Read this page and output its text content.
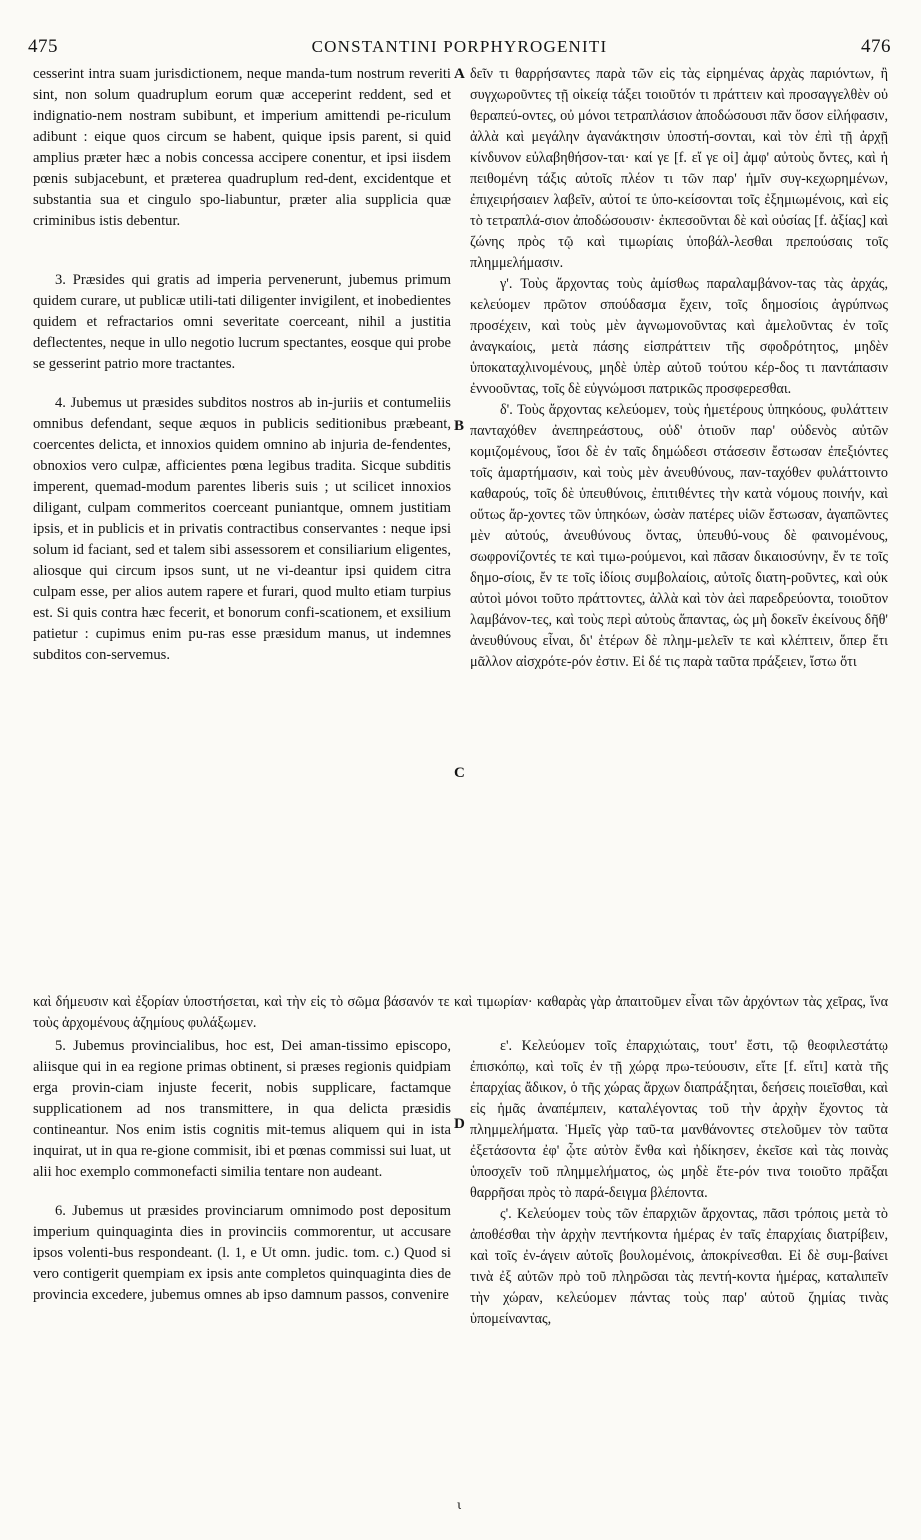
475	CONSTANTINI PORPHYROGENITI	476

cesserint intra suam jurisdictionem, neque manda-tum nostrum reveriti sint, non solum quadruplum eorum quæ acceperint reddent, sed et indignatio-nem nostram subibunt, et imperium amittendi pe-riculum adibunt : eique quos circum se habent, quique ipsis parent, si quid amplius præter hæc a nobis concessa accipere conentur, et ipsi iisdem pœnis subjacebunt, et præterea quadruplum red-dent, excidentque et substantia sua et cingulo spo-liabuntur, præter alia supplicia quæ criminibus istis debentur.

3. Præsides qui gratis ad imperia pervenerunt, jubemus primum quidem curare, ut publicæ utili-tati diligenter invigilent, et inobedientes quidem et refractarios omni severitate coerceant, nihil a justitia deflectentes, neque in ullo negotio lucrum spectantes, eosque qui probe se gesserint patrio more tractantes.

4. Jubemus ut præsides subditos nostros ab in-juriis et contumeliis omnibus defendant, seque æquos in publicis seditionibus præbeant, coercentes delicta, et innoxios quidem omnino ab injuria de-fendentes, obnoxios vero culpæ, afficientes pœna legibus tradita. Sicque subditis imperent, quemad-modum parentes liberis suis ; ut scilicet innoxios diligant, culpam commeritos coerceant puniantque, omnem justitiam ipsis, et in publicis et in privatis contractibus conservantes : neque ipsi solum id faciant, sed et talem sibi assessorem et consiliarium eligentes, aliosque qui circum ipsos sunt, ut ne vi-deantur ipsi quidem citra culpam esse, per alios autem rapere et furari, quod multo etiam turpius est. Si quis contra hæc fecerit, et bonorum confi-scationem, et exsilium patietur : cupimus enim pu-ras esse præsidum manus, ut indemnes subditos con-servemus.

δεῖν τι θαρρήσαντες παρὰ τῶν εἰς τὰς εἰρημένας ἀρχὰς παριόντων, ἢ συγχωροῦντες τῇ οἰκείᾳ τάξει τοιοῦτόν τι πράττειν καὶ προσαγγελθὲν οὐ θεραπεύ-οντες, οὐ μόνοι τετραπλάσιον ἀποδώσουσι πᾶν ὅσον εἰλήφασιν, ἀλλὰ καὶ μεγάλην ἀγανάκτησιν ὑποστή-σονται, καὶ τὸν ἐπὶ τῇ ἀρχῇ κίνδυνον εὐλαβηθήσον-ται· καί γε [f. εἴ γε οἱ] ἀμφ' αὐτοὺς ὄντες, καὶ ἡ πειθομένη τάξις αὐτοῖς πλέον τι τῶν παρ' ἡμῖν συγ-κεχωρημένων, ἐπιχειρήσαιεν λαβεῖν, αὐτοί τε ὑπο-κείσονται τοῖς ἐξημιωμένοις, καὶ εἰς τὸ τετραπλά-σιον ἀποδώσουσιν· ἐκπεσοῦνται δὲ καὶ οὐσίας [f. ἀξίας] καὶ ζώνης πρὸς τῷ καὶ τιμωρίαις ὑποβάλ-λεσθαι πρεπούσαις τοῖς πλημμελήμασιν.

γ'. Τοὺς ἄρχοντας τοὺς ἀμίσθως παραλαμβάνον-τας τὰς ἀρχάς, κελεύομεν πρῶτον σπούδασμα ἔχειν, τοῖς δημοσίοις ἀγρύπνως προσέχειν, καὶ τοὺς μὲν ἀγνωμονοῦντας καὶ ἀμελοῦντας ἐν τοῖς ἀναγκαίοις, μετὰ πάσης εἰσπράττειν τῆς σφοδρότητος, μηδὲν ὑποκαταχλινομένους, μηδὲ ὑπὲρ αὐτοῦ τούτου κέρ-δος τι παντάπασιν ἐννοοῦντας, τοῖς δὲ εὐγνώμοσι πατρικῶς προσφερεσθαι.

δ'. Τοὺς ἄρχοντας κελεύομεν, τοὺς ἡμετέρους ὑπηκόους, φυλάττειν πανταχόθεν ἀνεπηρεάστους, οὐδ' ὁτιοῦν παρ' οὐδενὸς αὐτῶν κομιζομένους, ἴσοι δὲ ἐν ταῖς δημώδεσι στάσεσιν ἔστωσαν ἐπεξιόντες τοῖς ἁμαρτήμασιν, καὶ τοὺς μὲν ἀνευθύνους, παν-ταχόθεν φυλάττοιντο καθαρούς, τοῖς δὲ ὑπευθύνοις, ἐπιτιθέντες τὴν κατὰ νόμους ποινήν, καὶ οὕτως ἄρ-χοντες τῶν ὑπηκόων, ὡσὰν πατέρες υἱῶν ἔστωσαν, ἀγαπῶντες μὲν αὐτούς, ἀνευθύνους ὄντας, ὑπευθύ-νους δὲ φαινομένους, σωφρονίζοντές τε καὶ τιμω-ρούμενοι, καὶ πᾶσαν δικαιοσύνην, ἔν τε τοῖς δημο-σίοις, ἔν τε τοῖς ἰδίοις συμβολαίοις, αὐτοῖς διατη-ροῦντες, καὶ οὐκ αὐτοὶ μόνοι τοῦτο πράττοντες, ἀλλὰ καὶ τὸν ἀεὶ παρεδρεύοντα, τοιοῦτον λαμβάνον-τες, καὶ τοὺς περὶ αὐτοὺς ἅπαντας, ὡς μὴ δοκεῖν ἐκείνους δῆθ' ἀνευθύνους εἶναι, δι' ἑτέρων δὲ πλημ-μελεῖν τε καὶ κλέπτειν, ὅπερ ἔτι μᾶλλον αἰσχρότε-ρόν ἐστιν. Εἰ δέ τις παρὰ ταῦτα πράξειεν, ἴστω ὅτι

καὶ δήμευσιν καὶ ἐξορίαν ὑποστήσεται, καὶ τὴν εἰς τὸ σῶμα βάσανόν τε καὶ τιμωρίαν· καθαρὰς γὰρ ἀπαιτοῦμεν εἶναι τῶν ἀρχόντων τὰς χεῖρας, ἵνα τοὺς ἀρχομένους ἀζημίους φυλάξωμεν.

5. Jubemus provincialibus, hoc est, Dei aman-tissimo episcopo, aliisque qui in ea regione primas obtinent, si præses regionis quidpiam erga provin-ciam injuste fecerit, nobis supplicare, factamque supplicationem ad nos transmittere, in qua delicta præsidis contineantur. Nos enim istis cognitis mit-temus aliquem qui in ista inquirat, ut in qua re-gione commisit, ibi et pœnas commissi sui luat, ut alii hoc exemplo commonefacti similia tentare non audeant.

6. Jubemus ut præsides provinciarum omnimodo post depositum imperium quinquaginta dies in provinciis commorentur, ut accusare ipsos volenti-bus respondeant. (l. 1, e Ut omn. judic. tom. c.) Quod si vero contigerit quempiam ex ipsis ante completos quinquaginta dies de provincia excedere, jubemus omnes ab ipso damnum passos, convenire

ε'. Κελεύομεν τοῖς ἐπαρχιώταις, τουτ' ἔστι, τῷ θεοφιλεστάτῳ ἐπισκόπῳ, καὶ τοῖς ἐν τῇ χώρᾳ πρω-τεύουσιν, εἴτε [f. εἴτι] κατὰ τῆς ἐπαρχίας ἄδικον, ὁ τῆς χώρας ἄρχων διαπράξηται, δεήσεις ποιεῖσθαι, καὶ εἰς ἡμᾶς ἀναπέμπειν, καταλέγοντας τοῦ τὴν ἀρχὴν ἔχοντος τὰ πλημμελήματα. Ἡμεῖς γὰρ ταῦ-τα μανθάνοντες στελοῦμεν τὸν ταῦτα ἐξετάσοντα ἐφ' ᾧτε αὐτὸν ἔνθα καὶ ἠδίκησεν, ἐκεῖσε καὶ τὰς ποινὰς ὑποσχεῖν τοῦ πλημμελήματος, ὡς μηδὲ ἕτε-ρόν τινα τοιοῦτο πρᾶξαι θαρρῆσαι πρὸς τὸ παρά-δειγμα βλέποντα.

ς'. Κελεύομεν τοὺς τῶν ἐπαρχιῶν ἄρχοντας, πᾶσι τρόποις μετὰ τὸ ἀποθέσθαι τὴν ἀρχὴν πεντήκοντα ἡμέρας ἐν ταῖς ἐπαρχίαις διατρίβειν, καὶ τοῖς ἐν-άγειν αὐτοῖς βουλομένοις, ἀποκρίνεσθαι. Εἰ δὲ συμ-βαίνει τινὰ ἐξ αὐτῶν πρὸ τοῦ πληρῶσαι τὰς πεντή-κοντα ἡμέρας, καταλιπεῖν τὴν χώραν, κελεύομεν πάντας τοὺς παρ' αὐτοῦ ζημίας τινὰς ὑπομείναντας,

A
B
C
D
ι
